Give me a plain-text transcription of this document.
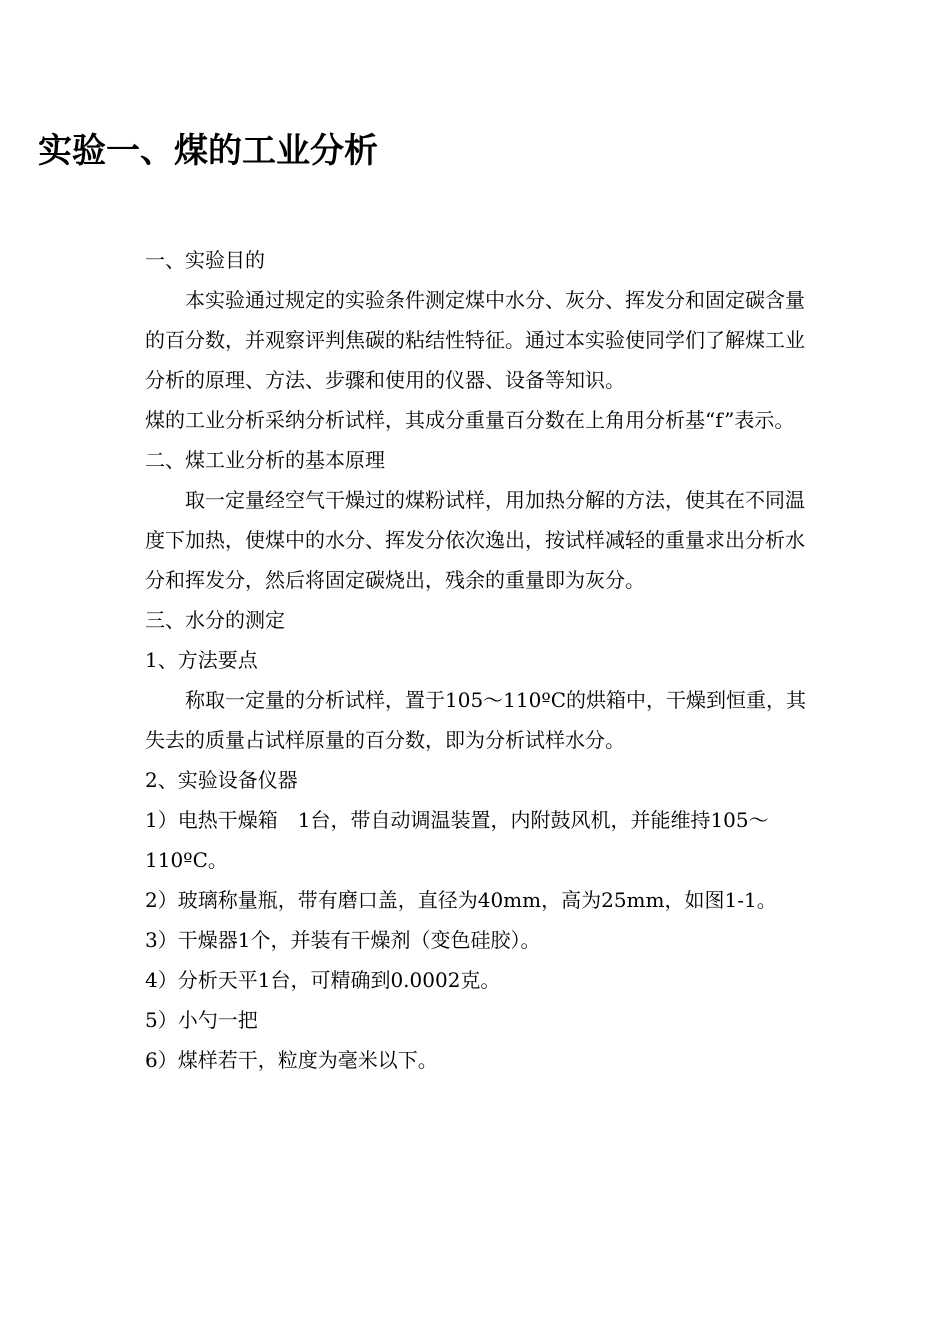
实验一、煤的工业分析

一、实验目的

本实验通过规定的实验条件测定煤中水分、灰分、挥发分和固定碳含量的百分数，并观察评判焦碳的粘结性特征。通过本实验使同学们了解煤工业分析的原理、方法、步骤和使用的仪器、设备等知识。

煤的工业分析采纳分析试样，其成分重量百分数在上角用分析基“f”表示。

二、煤工业分析的基本原理

取一定量经空气干燥过的煤粉试样，用加热分解的方法，使其在不同温度下加热，使煤中的水分、挥发分依次逸出，按试样减轻的重量求出分析水分和挥发分，然后将固定碳烧出，残余的重量即为灰分。

三、水分的测定

1、方法要点

称取一定量的分析试样，置于105～110ºC的烘箱中，干燥到恒重，其失去的质量占试样原量的百分数，即为分析试样水分。

2、实验设备仪器

1）电热干燥箱　1台，带自动调温装置，内附鼓风机，并能维持105～110ºC。

2）玻璃称量瓶，带有磨口盖，直径为40mm，高为25mm，如图1-1。

3）干燥器1个，并装有干燥剂（变色硅胶）。

4）分析天平1台，可精确到0.0002克。

5）小勺一把

6）煤样若干，粒度为毫米以下。
